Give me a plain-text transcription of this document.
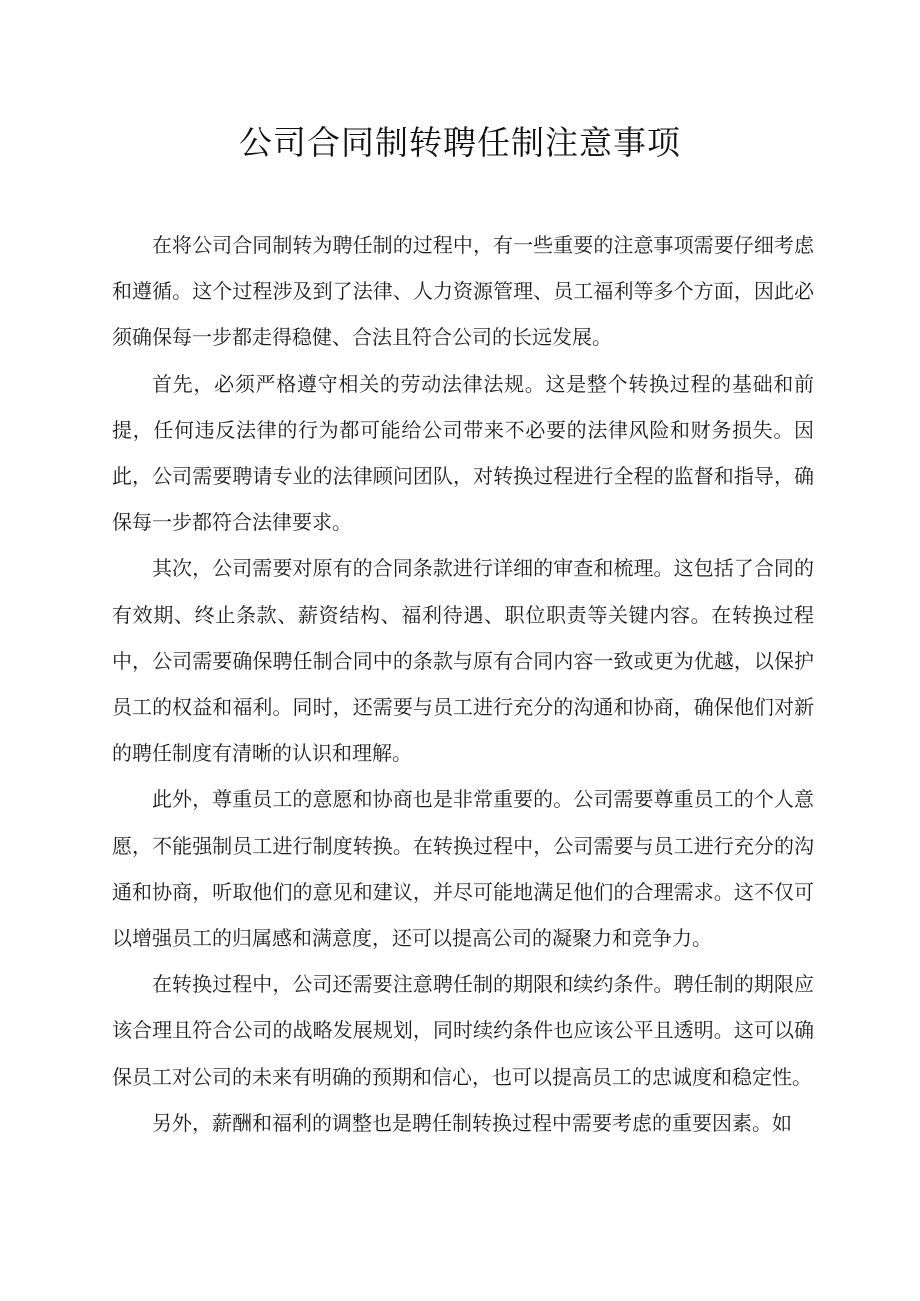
公司合同制转聘任制注意事项

在将公司合同制转为聘任制的过程中，有一些重要的注意事项需要仔细考虑和遵循。这个过程涉及到了法律、人力资源管理、员工福利等多个方面，因此必须确保每一步都走得稳健、合法且符合公司的长远发展。

首先，必须严格遵守相关的劳动法律法规。这是整个转换过程的基础和前提，任何违反法律的行为都可能给公司带来不必要的法律风险和财务损失。因此，公司需要聘请专业的法律顾问团队，对转换过程进行全程的监督和指导，确保每一步都符合法律要求。

其次，公司需要对原有的合同条款进行详细的审查和梳理。这包括了合同的有效期、终止条款、薪资结构、福利待遇、职位职责等关键内容。在转换过程中，公司需要确保聘任制合同中的条款与原有合同内容一致或更为优越，以保护员工的权益和福利。同时，还需要与员工进行充分的沟通和协商，确保他们对新的聘任制度有清晰的认识和理解。

此外，尊重员工的意愿和协商也是非常重要的。公司需要尊重员工的个人意愿，不能强制员工进行制度转换。在转换过程中，公司需要与员工进行充分的沟通和协商，听取他们的意见和建议，并尽可能地满足他们的合理需求。这不仅可以增强员工的归属感和满意度，还可以提高公司的凝聚力和竞争力。

在转换过程中，公司还需要注意聘任制的期限和续约条件。聘任制的期限应该合理且符合公司的战略发展规划，同时续约条件也应该公平且透明。这可以确保员工对公司的未来有明确的预期和信心，也可以提高员工的忠诚度和稳定性。

另外，薪酬和福利的调整也是聘任制转换过程中需要考虑的重要因素。如
